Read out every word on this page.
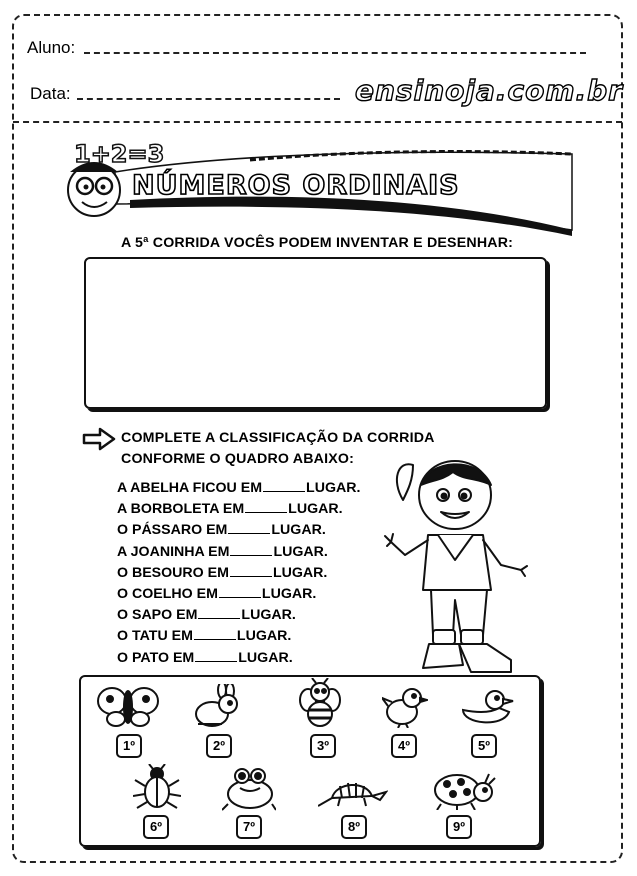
Aluno:
Data:	ensinoja.com.br
1+2=3
NÚMEROS ORDINAIS
A 5ª CORRIDA VOCÊS PODEM INVENTAR E DESENHAR:
COMPLETE A CLASSIFICAÇÃO DA CORRIDA
CONFORME O QUADRO ABAIXO:
A ABELHA FICOU EM	LUGAR.
A BORBOLETA EM	LUGAR.
O PÁSSARO EM	LUGAR.
A JOANINHA EM	LUGAR.
O BESOURO EM	LUGAR.
O COELHO EM	LUGAR.
O SAPO EM	LUGAR.
O TATU EM	LUGAR.
O PATO EM	LUGAR.
1º	2º	3º	4º	5º
6º	7º	8º	9º
